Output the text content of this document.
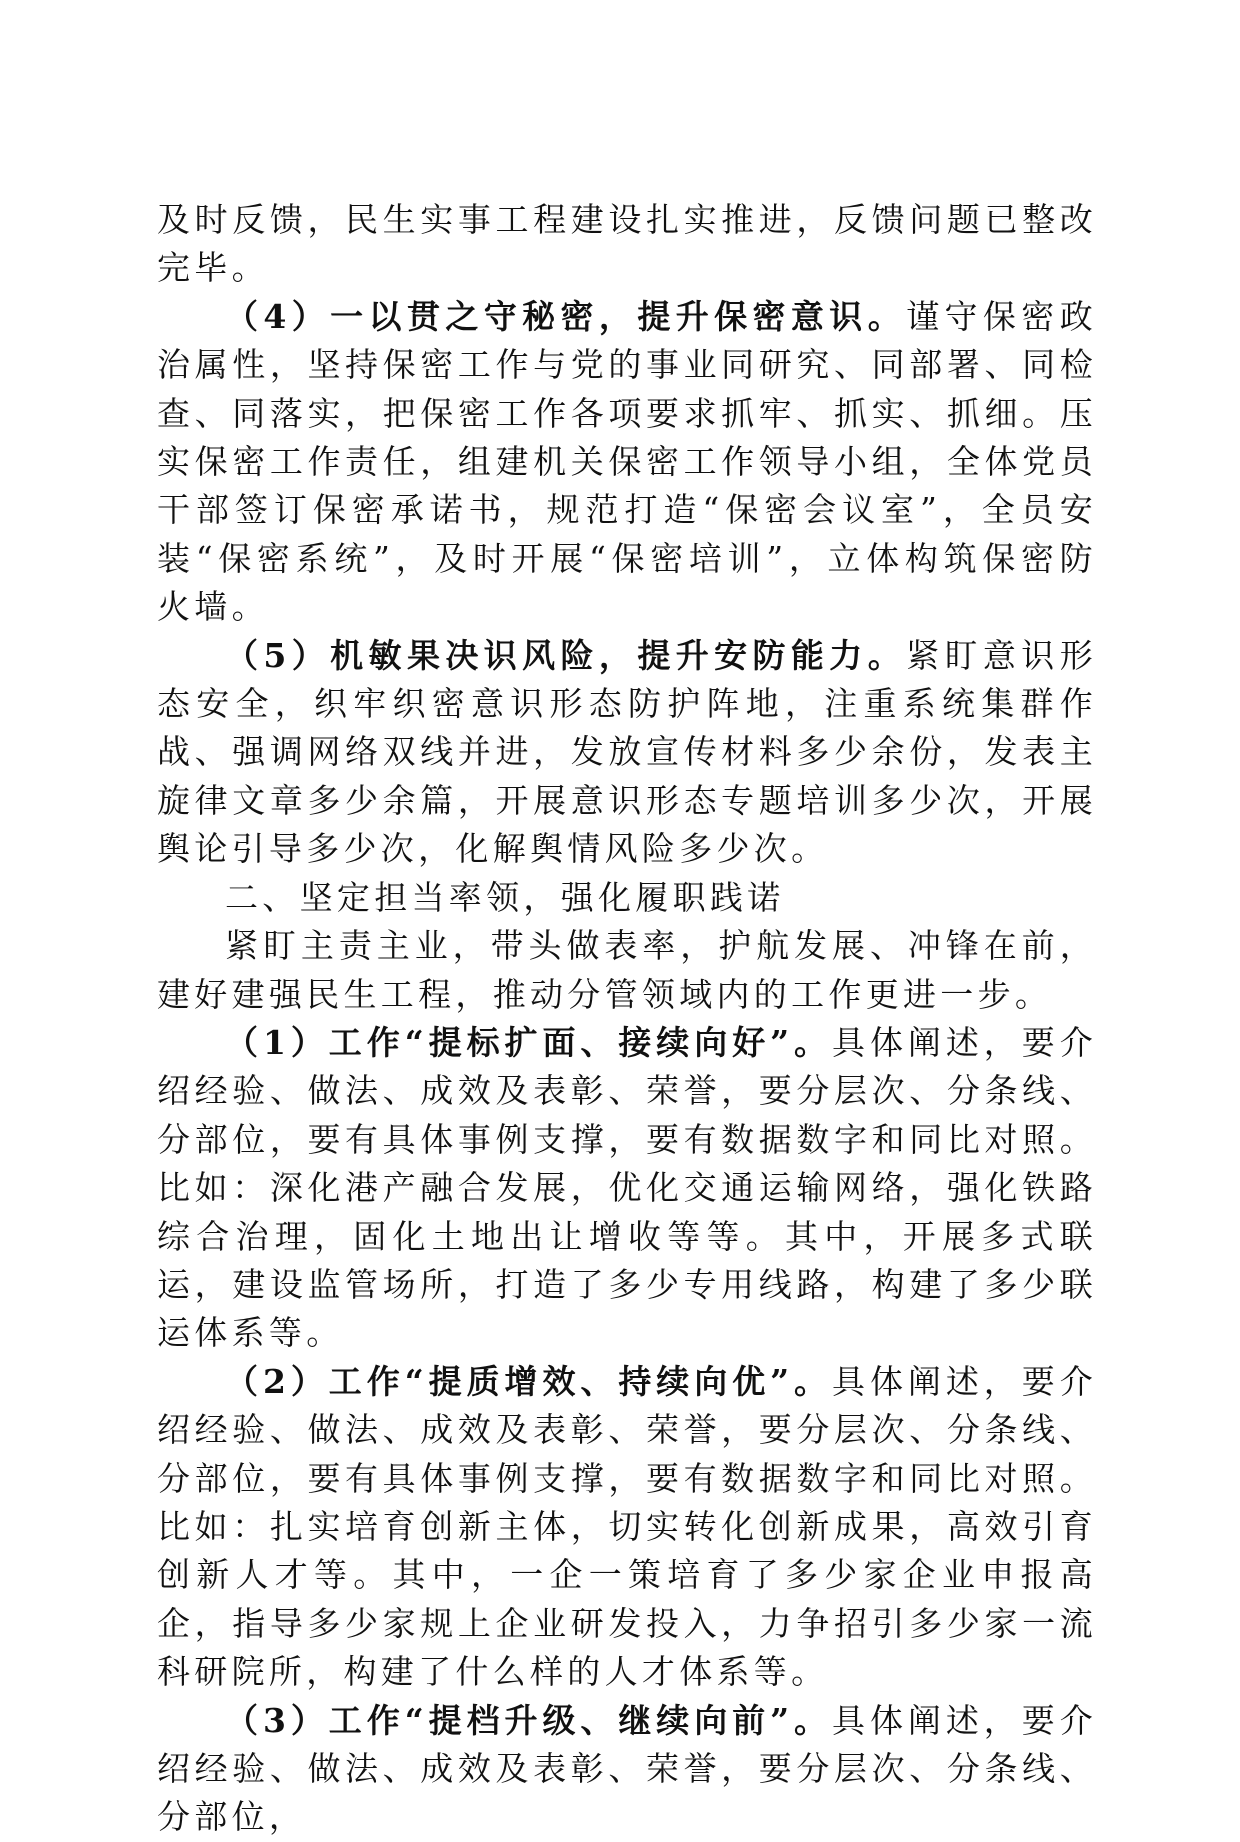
及时反馈，民生实事工程建设扎实推进，反馈问题已整改完毕。

（4）一以贯之守秘密，提升保密意识。谨守保密政治属性，坚持保密工作与党的事业同研究、同部署、同检查、同落实，把保密工作各项要求抓牢、抓实、抓细。压实保密工作责任，组建机关保密工作领导小组，全体党员干部签订保密承诺书，规范打造“保密会议室”，全员安装“保密系统”，及时开展“保密培训”，立体构筑保密防火墙。

（5）机敏果决识风险，提升安防能力。紧盯意识形态安全，织牢织密意识形态防护阵地，注重系统集群作战、强调网络双线并进，发放宣传材料多少余份，发表主旋律文章多少余篇，开展意识形态专题培训多少次，开展舆论引导多少次，化解舆情风险多少次。

二、坚定担当率领，强化履职践诺

紧盯主责主业，带头做表率，护航发展、冲锋在前，建好建强民生工程，推动分管领域内的工作更进一步。

（1）工作“提标扩面、接续向好”。具体阐述，要介绍经验、做法、成效及表彰、荣誉，要分层次、分条线、分部位，要有具体事例支撑，要有数据数字和同比对照。比如：深化港产融合发展，优化交通运输网络，强化铁路综合治理，固化土地出让增收等等。其中，开展多式联运，建设监管场所，打造了多少专用线路，构建了多少联运体系等。

（2）工作“提质增效、持续向优”。具体阐述，要介绍经验、做法、成效及表彰、荣誉，要分层次、分条线、分部位，要有具体事例支撑，要有数据数字和同比对照。比如：扎实培育创新主体，切实转化创新成果，高效引育创新人才等。其中，一企一策培育了多少家企业申报高企，指导多少家规上企业研发投入，力争招引多少家一流科研院所，构建了什么样的人才体系等。

（3）工作“提档升级、继续向前”。具体阐述，要介绍经验、做法、成效及表彰、荣誉，要分层次、分条线、分部位，
